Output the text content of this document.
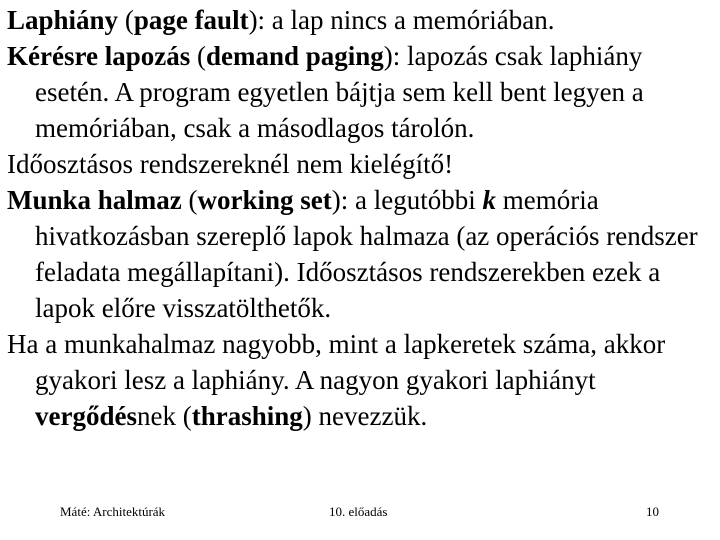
Laphiány (page fault): a lap nincs a memóriában.

Kérésre lapozás (demand paging): lapozás csak laphiány esetén. A program egyetlen bájtja sem kell bent legyen a memóriában, csak a másodlagos tárolón.

Időosztásos rendszereknél nem kielégítő!

Munka halmaz (working set): a legutóbbi k memória hivatkozásban szereplő lapok halmaza (az operációs rendszer feladata megállapítani). Időosztásos rendszerekben ezek a lapok előre visszatölthetők.

Ha a munkahalmaz nagyobb, mint a lapkeretek száma, akkor gyakori lesz a laphiány. A nagyon gyakori laphiányt vergődésnek (thrashing) nevezzük.

Máté: Architektúrák	10. előadás	10
